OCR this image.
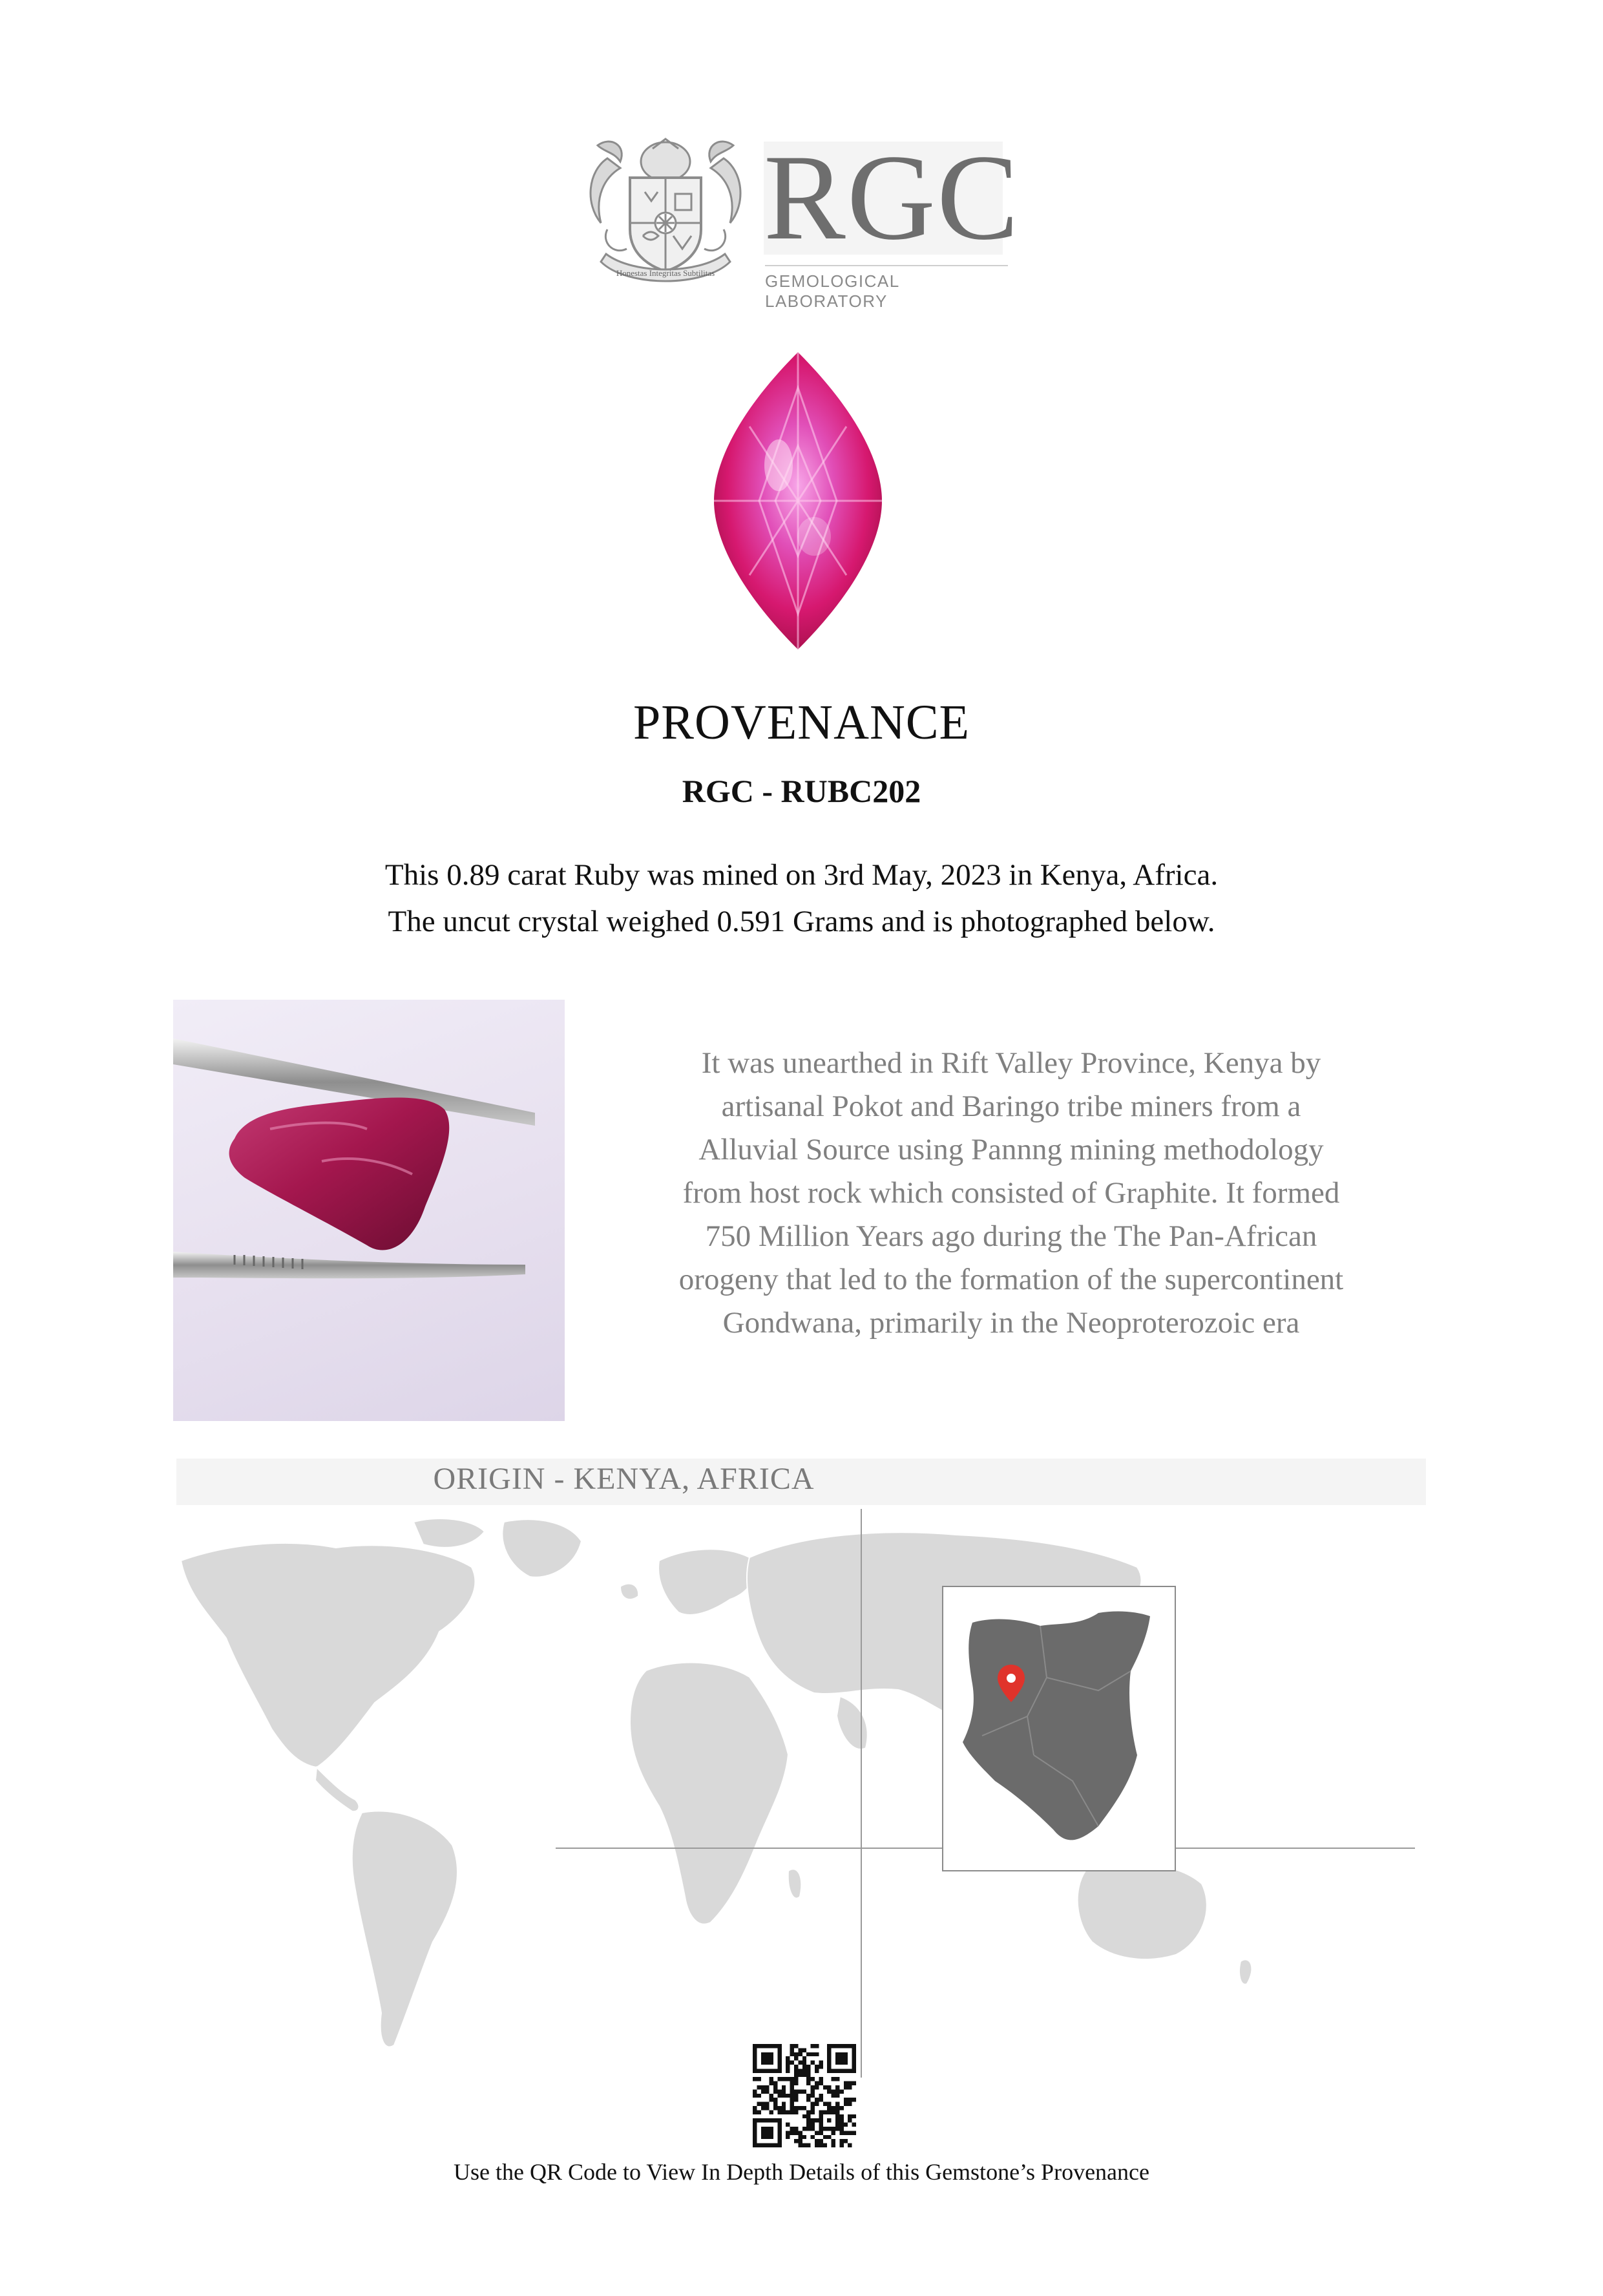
Honestas Integritas Subtilitas
RGC
GEMOLOGICAL LABORATORY
PROVENANCE
RGC - RUBC202
This 0.89 carat Ruby was mined on 3rd May, 2023 in Kenya, Africa.
The uncut crystal weighed 0.591 Grams and is photographed below.
It was unearthed in Rift Valley Province, Kenya by
artisanal Pokot and Baringo tribe miners from a
Alluvial Source using Pannng mining methodology
from host rock which consisted of Graphite. It formed
750 Million Years ago during the The Pan-African
orogeny that led to the formation of the supercontinent
Gondwana, primarily in the Neoproterozoic era
ORIGIN - KENYA, AFRICA
Use the QR Code to View In Depth Details of this Gemstone’s Provenance
